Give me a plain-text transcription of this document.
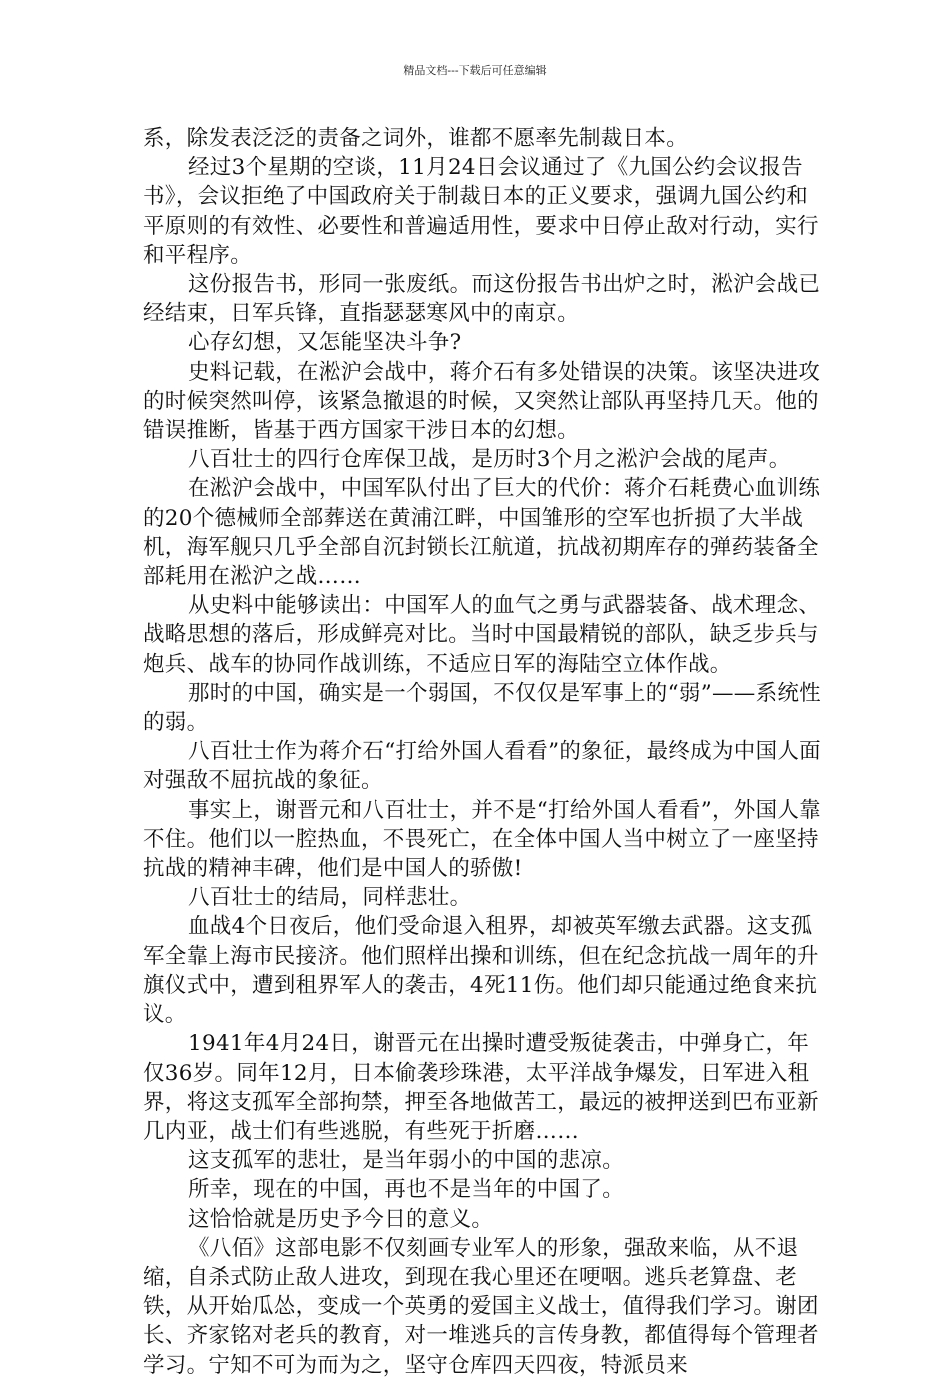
精品文档---下载后可任意编辑

系，除发表泛泛的责备之词外，谁都不愿率先制裁日本。

经过3个星期的空谈，11月24日会议通过了《九国公约会议报告书》，会议拒绝了中国政府关于制裁日本的正义要求，强调九国公约和平原则的有效性、必要性和普遍适用性，要求中日停止敌对行动，实行和平程序。

这份报告书，形同一张废纸。而这份报告书出炉之时，淞沪会战已经结束，日军兵锋，直指瑟瑟寒风中的南京。

心存幻想，又怎能坚决斗争?

史料记载，在淞沪会战中，蒋介石有多处错误的决策。该坚决进攻的时候突然叫停，该紧急撤退的时候，又突然让部队再坚持几天。他的错误推断，皆基于西方国家干涉日本的幻想。

八百壮士的四行仓库保卫战，是历时3个月之淞沪会战的尾声。

在淞沪会战中，中国军队付出了巨大的代价：蒋介石耗费心血训练的20个德械师全部葬送在黄浦江畔，中国雏形的空军也折损了大半战机，海军舰只几乎全部自沉封锁长江航道，抗战初期库存的弹药装备全部耗用在淞沪之战……

从史料中能够读出：中国军人的血气之勇与武器装备、战术理念、战略思想的落后，形成鲜亮对比。当时中国最精锐的部队，缺乏步兵与炮兵、战车的协同作战训练，不适应日军的海陆空立体作战。

那时的中国，确实是一个弱国，不仅仅是军事上的“弱”——系统性的弱。

八百壮士作为蒋介石“打给外国人看看”的象征，最终成为中国人面对强敌不屈抗战的象征。

事实上，谢晋元和八百壮士，并不是“打给外国人看看”，外国人靠不住。他们以一腔热血，不畏死亡，在全体中国人当中树立了一座坚持抗战的精神丰碑，他们是中国人的骄傲!

八百壮士的结局，同样悲壮。

血战4个日夜后，他们受命退入租界，却被英军缴去武器。这支孤军全靠上海市民接济。他们照样出操和训练，但在纪念抗战一周年的升旗仪式中，遭到租界军人的袭击，4死11伤。他们却只能通过绝食来抗议。

1941年4月24日，谢晋元在出操时遭受叛徒袭击，中弹身亡，年仅36岁。同年12月，日本偷袭珍珠港，太平洋战争爆发，日军进入租界，将这支孤军全部拘禁，押至各地做苦工，最远的被押送到巴布亚新几内亚，战士们有些逃脱，有些死于折磨……

这支孤军的悲壮，是当年弱小的中国的悲凉。

所幸，现在的中国，再也不是当年的中国了。

这恰恰就是历史予今日的意义。

《八佰》这部电影不仅刻画专业军人的形象，强敌来临，从不退缩，自杀式防止敌人进攻，到现在我心里还在哽咽。逃兵老算盘、老铁，从开始瓜怂，变成一个英勇的爱国主义战士，值得我们学习。谢团长、齐家铭对老兵的教育，对一堆逃兵的言传身教，都值得每个管理者学习。宁知不可为而为之，坚守仓库四天四夜，特派员来
